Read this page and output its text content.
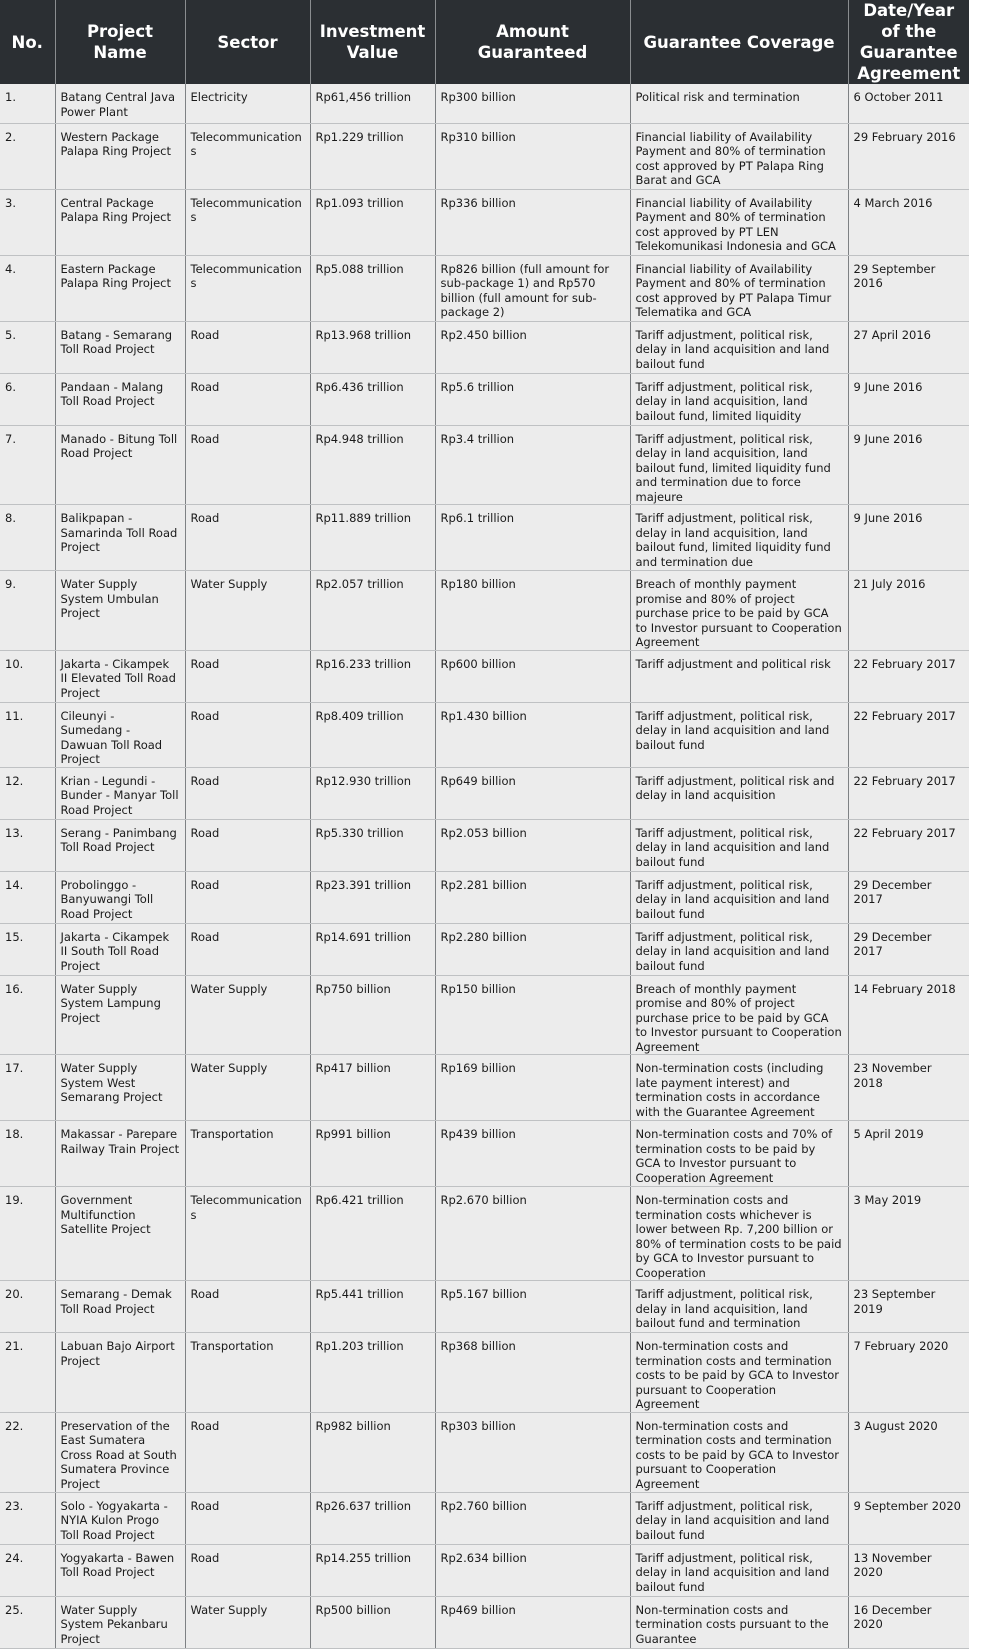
No.	Project Name	Sector	Investment Value	Amount Guaranteed	Guarantee Coverage	Date/Year of the Guarantee Agreement
1.	Batang Central Java Power Plant	Electricity	Rp61,456 trillion	Rp300 billion	Political risk and termination	6 October 2011
2.	Western Package Palapa Ring Project	Telecommunications	Rp1.229 trillion	Rp310 billion	Financial liability of Availability Payment and 80% of termination cost approved by PT Palapa Ring Barat and GCA	29 February 2016
3.	Central Package Palapa Ring Project	Telecommunications	Rp1.093 trillion	Rp336 billion	Financial liability of Availability Payment and 80% of termination cost approved by PT LEN Telekomunikasi Indonesia and GCA	4 March 2016
4.	Eastern Package Palapa Ring Project	Telecommunications	Rp5.088 trillion	Rp826 billion (full amount for sub-package 1) and Rp570 billion (full amount for sub-package 2)	Financial liability of Availability Payment and 80% of termination cost approved by PT Palapa Timur Telematika and GCA	29 September 2016
5.	Batang - Semarang Toll Road Project	Road	Rp13.968 trillion	Rp2.450 billion	Tariff adjustment, political risk, delay in land acquisition and land bailout fund	27 April 2016
6.	Pandaan - Malang Toll Road Project	Road	Rp6.436 trillion	Rp5.6 trillion	Tariff adjustment, political risk, delay in land acquisition, land bailout fund, limited liquidity	9 June 2016
7.	Manado - Bitung Toll Road Project	Road	Rp4.948 trillion	Rp3.4 trillion	Tariff adjustment, political risk, delay in land acquisition, land bailout fund, limited liquidity fund and termination due to force majeure	9 June 2016
8.	Balikpapan - Samarinda Toll Road Project	Road	Rp11.889 trillion	Rp6.1 trillion	Tariff adjustment, political risk, delay in land acquisition, land bailout fund, limited liquidity fund and termination due	9 June 2016
9.	Water Supply System Umbulan Project	Water Supply	Rp2.057 trillion	Rp180 billion	Breach of monthly payment promise and 80% of project purchase price to be paid by GCA to Investor pursuant to Cooperation Agreement	21 July 2016
10.	Jakarta - Cikampek II Elevated Toll Road Project	Road	Rp16.233 trillion	Rp600 billion	Tariff adjustment and political risk	22 February 2017
11.	Cileunyi - Sumedang - Dawuan Toll Road Project	Road	Rp8.409 trillion	Rp1.430 billion	Tariff adjustment, political risk, delay in land acquisition and land bailout fund	22 February 2017
12.	Krian - Legundi - Bunder - Manyar Toll Road Project	Road	Rp12.930 trillion	Rp649 billion	Tariff adjustment, political risk and delay in land acquisition	22 February 2017
13.	Serang - Panimbang Toll Road Project	Road	Rp5.330 trillion	Rp2.053 billion	Tariff adjustment, political risk, delay in land acquisition and land bailout fund	22 February 2017
14.	Probolinggo - Banyuwangi Toll Road Project	Road	Rp23.391 trillion	Rp2.281 billion	Tariff adjustment, political risk, delay in land acquisition and land bailout fund	29 December 2017
15.	Jakarta - Cikampek II South Toll Road Project	Road	Rp14.691 trillion	Rp2.280 billion	Tariff adjustment, political risk, delay in land acquisition and land bailout fund	29 December 2017
16.	Water Supply System Lampung Project	Water Supply	Rp750 billion	Rp150 billion	Breach of monthly payment promise and 80% of project purchase price to be paid by GCA to Investor pursuant to Cooperation Agreement	14 February 2018
17.	Water Supply System West Semarang Project	Water Supply	Rp417 billion	Rp169 billion	Non-termination costs (including late payment interest) and termination costs in accordance with the Guarantee Agreement	23 November 2018
18.	Makassar - Parepare Railway Train Project	Transportation	Rp991 billion	Rp439 billion	Non-termination costs and 70% of termination costs to be paid by GCA to Investor pursuant to Cooperation Agreement	5 April 2019
19.	Government Multifunction Satellite Project	Telecommunications	Rp6.421 trillion	Rp2.670 billion	Non-termination costs and termination costs whichever is lower between Rp. 7,200 billion or 80% of termination costs to be paid by GCA to Investor pursuant to Cooperation	3 May 2019
20.	Semarang - Demak Toll Road Project	Road	Rp5.441 trillion	Rp5.167 billion	Tariff adjustment, political risk, delay in land acquisition, land bailout fund and termination	23 September 2019
21.	Labuan Bajo Airport Project	Transportation	Rp1.203 trillion	Rp368 billion	Non-termination costs and termination costs and termination costs to be paid by GCA to Investor pursuant to Cooperation Agreement	7 February 2020
22.	Preservation of the East Sumatera Cross Road at South Sumatera Province Project	Road	Rp982 billion	Rp303 billion	Non-termination costs and termination costs and termination costs to be paid by GCA to Investor pursuant to Cooperation Agreement	3 August 2020
23.	Solo - Yogyakarta - NYIA Kulon Progo Toll Road Project	Road	Rp26.637 trillion	Rp2.760 billion	Tariff adjustment, political risk, delay in land acquisition and land bailout fund	9 September 2020
24.	Yogyakarta - Bawen Toll Road Project	Road	Rp14.255 trillion	Rp2.634 billion	Tariff adjustment, political risk, delay in land acquisition and land bailout fund	13 November 2020
25.	Water Supply System Pekanbaru Project	Water Supply	Rp500 billion	Rp469 billion	Non-termination costs and termination costs pursuant to the Guarantee	16 December 2020
